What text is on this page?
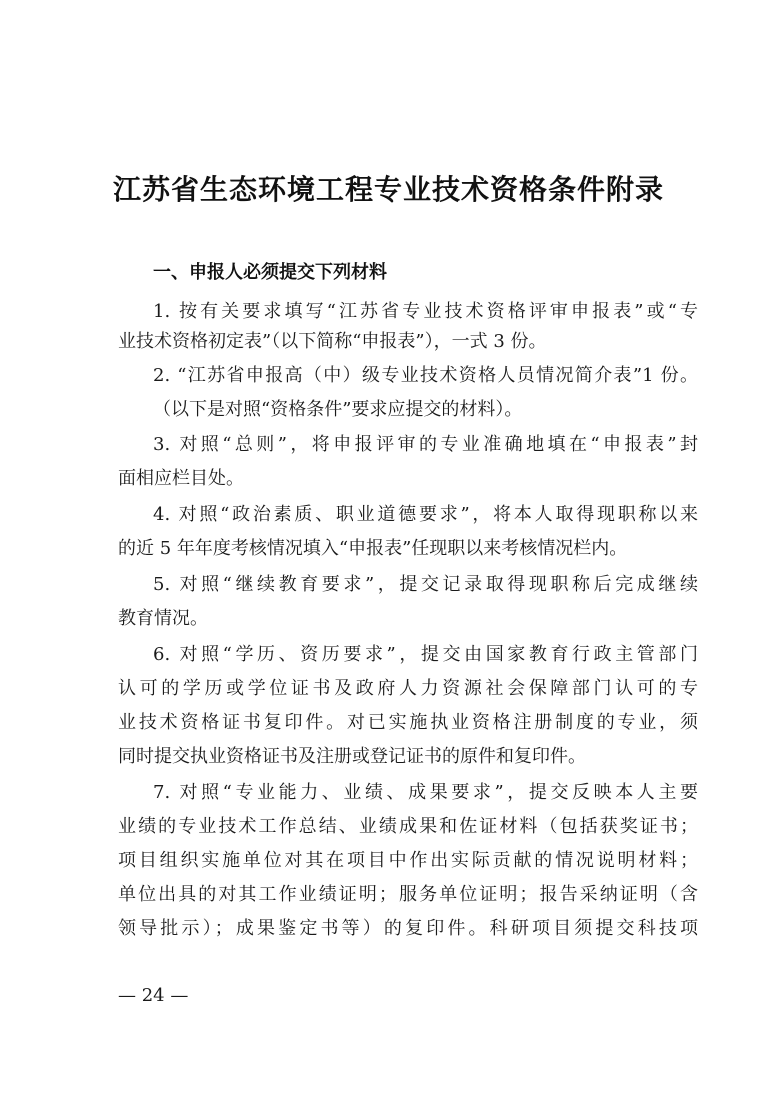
江苏省生态环境工程专业技术资格条件附录
一、申报人必须提交下列材料
1. 按有关要求填写“江苏省专业技术资格评审申报表”或“专
业技术资格初定表”（以下简称“申报表”），一式 3 份。
2. “江苏省申报高（中）级专业技术资格人员情况简介表”1 份。
（以下是对照“资格条件”要求应提交的材料）。
3. 对照“总则”，将申报评审的专业准确地填在“申报表”封
面相应栏目处。
4. 对照“政治素质、职业道德要求”，将本人取得现职称以来
的近 5 年年度考核情况填入“申报表”任现职以来考核情况栏内。
5. 对照“继续教育要求”，提交记录取得现职称后完成继续
教育情况。
6. 对照“学历、资历要求”，提交由国家教育行政主管部门
认可的学历或学位证书及政府人力资源社会保障部门认可的专
业技术资格证书复印件。对已实施执业资格注册制度的专业，须
同时提交执业资格证书及注册或登记证书的原件和复印件。
7. 对照“专业能力、业绩、成果要求”，提交反映本人主要
业绩的专业技术工作总结、业绩成果和佐证材料（包括获奖证书；
项目组织实施单位对其在项目中作出实际贡献的情况说明材料；
单位出具的对其工作业绩证明；服务单位证明；报告采纳证明（含
领导批示）；成果鉴定书等）的复印件。科研项目须提交科技项
— 24 —
